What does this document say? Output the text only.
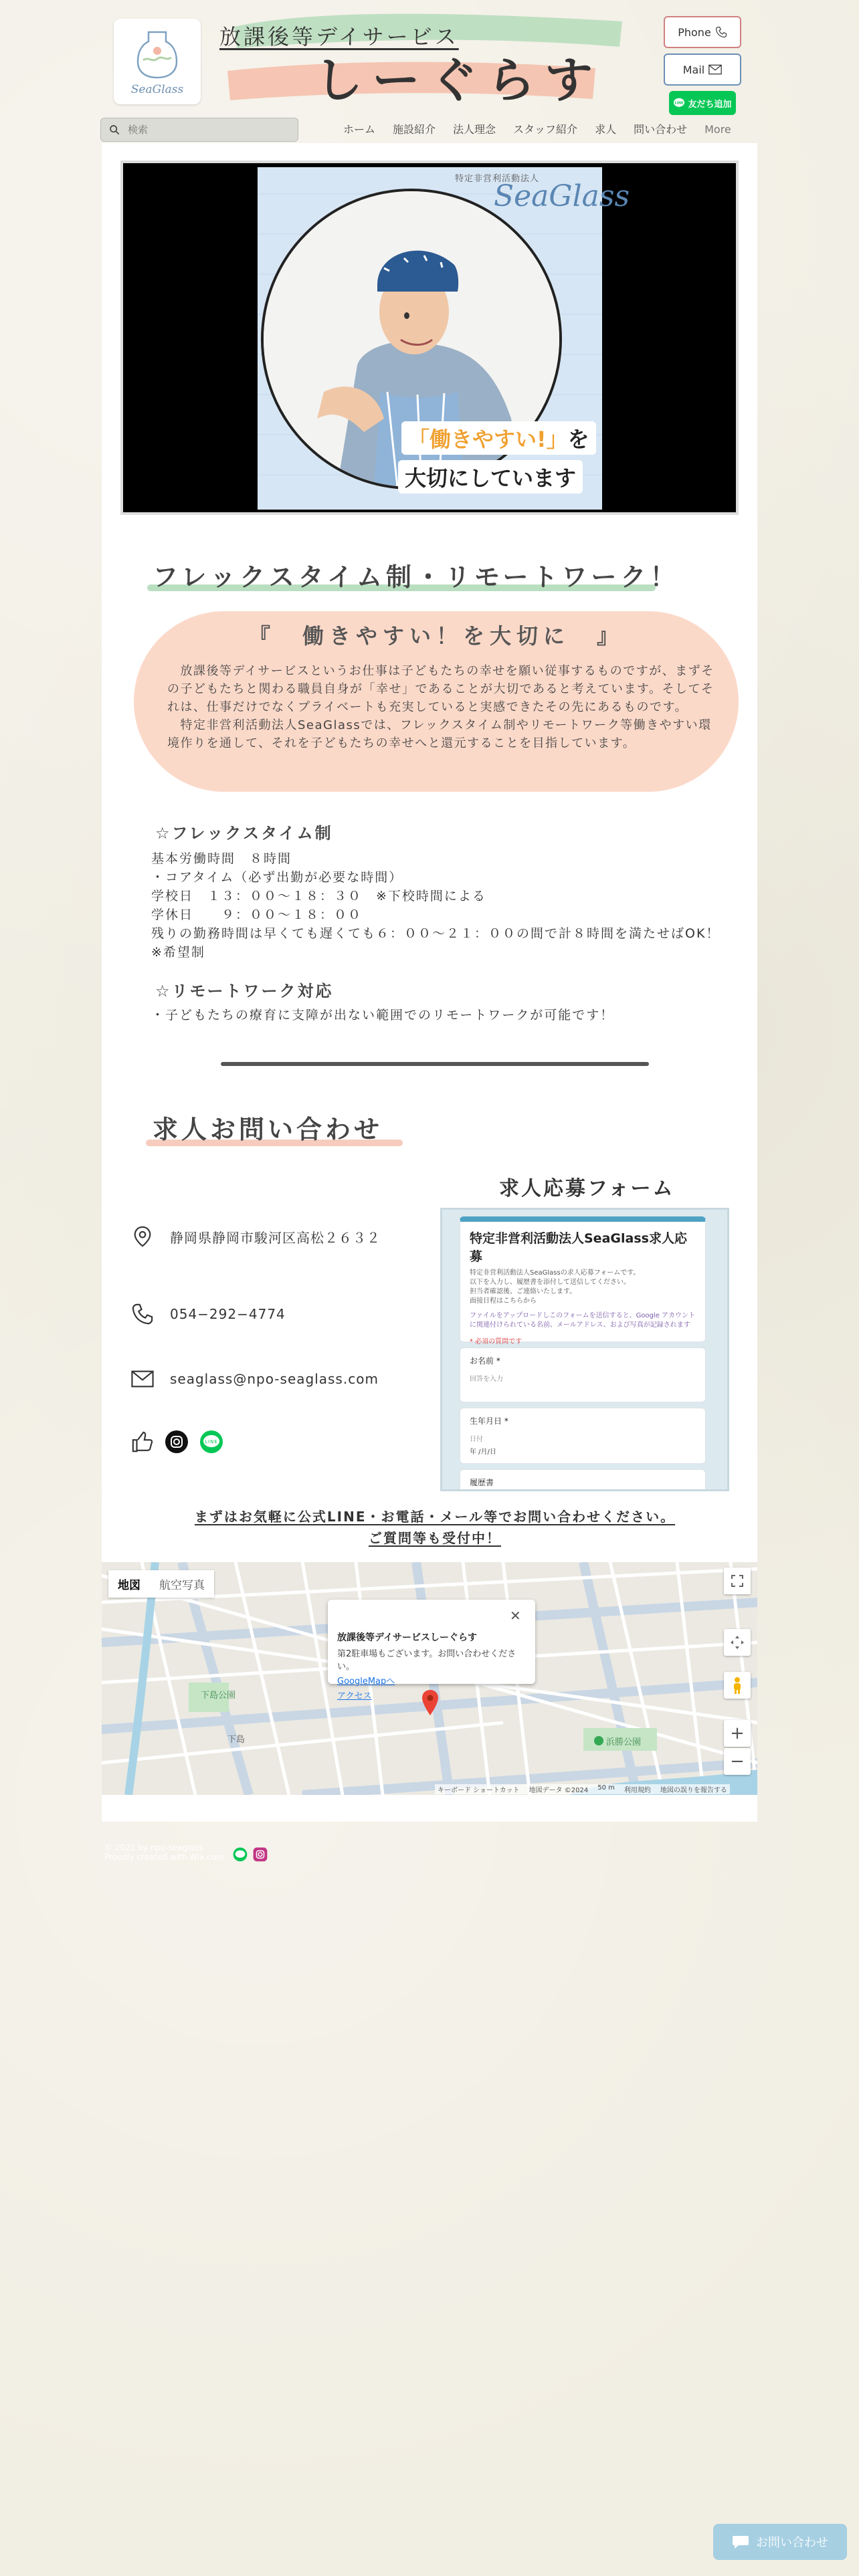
SeaGlass
放課後等デイサービス
しーぐらす
Phone
Mail
LINE 友だち追加
検索
ホーム	施設紹介	法人理念	スタッフ紹介	求人	問い合わせ	More
特定非営利活動法人
SeaGlass
「働きやすい!」を
大切にしています
フレックスタイム制・リモートワーク！
『　働きやすい！を大切に　』

　放課後等デイサービスというお仕事は子どもたちの幸せを願い従事するものですが、まずその子どもたちと関わる職員自身が「幸せ」であることが大切であると考えています。そしてそれは、仕事だけでなくプライベートも充実していると実感できたその先にあるものです。

　特定非営利活動法人SeaGlassでは、フレックスタイム制やリモートワーク等働きやすい環境作りを通して、それを子どもたちの幸せへと還元することを目指しています。

☆フレックスタイム制
基本労働時間　８時間
・コアタイム（必ず出勤が必要な時間）
学校日　１３：００〜１８：３０　※下校時間による
学休日　　９：００〜１８：００
残りの勤務時間は早くても遅くても６：００〜２１：００の間で計８時間を満たせばOK！
※希望制
☆リモートワーク対応
・子どもたちの療育に支障が出ない範囲でのリモートワークが可能です！
求人お問い合わせ
求人応募フォーム
静岡県静岡市駿河区高松２６３２
054−292−4774
seaglass@npo-seaglass.com
LINE
特定非営利活動法人SeaGlass求人応募
特定非営利活動法人SeaGlassの求人応募フォームです。
以下を入力し、履歴書を添付して送信してください。
担当者確認後、ご連絡いたします。
面接日程はこちらから
ファイルをアップロードしこのフォームを送信すると、Google アカウントに関連付けられている名前、メールアドレス、および写真が記録されます
* 必須の質問です
お名前 *
回答を入力
生年月日 *
日付
年 /月/日
履歴書
まずはお気軽に公式LINE・お電話・メール等でお問い合わせください。
ご質問等も受付中！
地図	航空写真
+
−
放課後等デイサービスしーぐらす
第2駐車場もございます。お問い合わせください。
GoogleMapへ
アクセス
✕
下島公園
下島	浜勝公園
キーボード ショートカット 地図データ ©2024 50 m 利用規約 地図の誤りを報告する
© 2021 by npo-seaglass
Proudly created with Wix.com
お問い合わせ
